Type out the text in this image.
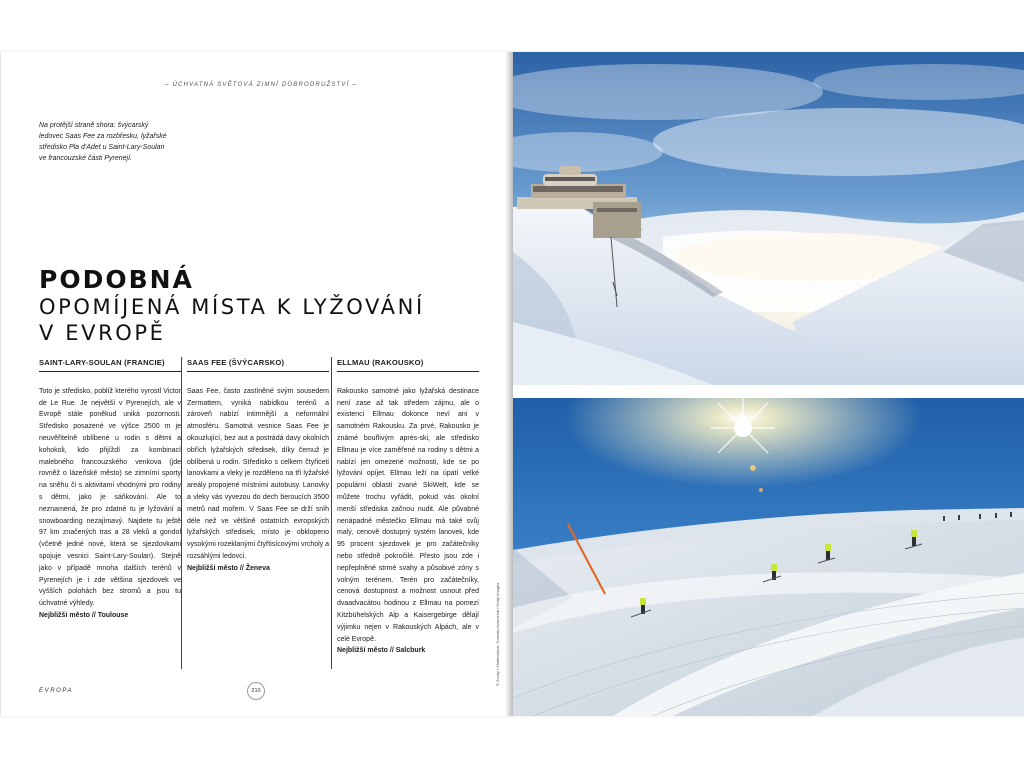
– ÚCHVATNÁ SVĚTOVÁ ZIMNÍ DOBRODRUŽSTVÍ –
Na protější straně shora: švýcarský ledovec Saas Fee za rozbřesku, lyžařské středisko Pla d'Adet u Saint-Lary-Soulan ve francouzské části Pyrenejí.
PODOBNÁ
OPOMÍJENÁ MÍSTA K LYŽOVÁNÍ
V EVROPĚ
SAINT-LARY-SOULAN (FRANCIE)

Toto je středisko, poblíž kterého vyrostl Victor de Le Rue. Je největší v Pyrenejích, ale v Evropě stále poněkud uniká pozornosti. Středisko posazené ve výšce 2500 m je neuvěřitelně oblíbené u rodin s dětmi a kohokoli, kdo přijíždí za kombinací malebného francouzského venkova (jde rovněž o lázeňské město) se zimními sporty na sněhu či s aktivitami vhodnými pro rodiny s dětmi, jako je sáňkování. Ale to neznamená, že pro zdatné tu je lyžování a snowboarding nezajímavý. Najdete tu ještě 97 km značených tras a 28 vleků a gondol (včetně jedné nové, která se sjezdovkami spojuje vesnici Saint-Lary-Soulan). Stejně jako v případě mnoha dalších terénů v Pyrenejích je i zde většina sjezdovek ve vyšších polohách bez stromů a jsou tu úchvatné výhledy.

Nejbližší město // Toulouse
SAAS FEE (ŠVÝCARSKO)

Saas Fee, často zastíněné svým sousedem Zermattem, vyniká nabídkou terénů a zároveň nabízí intimnější a neformální atmosféru. Samotná vesnice Saas Fee je okouzlující, bez aut a postrádá davy okolních obřích lyžařských středisek, díky čemuž je oblíbená u rodin. Středisko s celkem čtyřiceti lanovkami a vleky je rozděleno na tři lyžařské areály propojené místními autobusy. Lanovky a vleky vás vyvezou do dech beroucích 3500 metrů nad mořem. V Saas Fee se drží sníh déle než ve většině ostatních evropských lyžařských středisek, místo je obklopeno vysokými rozeklanými čtyřtisícovými vrcholy a rozsáhlými ledovci.

Nejbližší město // Ženeva
ELLMAU (RAKOUSKO)

Rakousko samotné jako lyžařská destinace není zase až tak středem zájmu, ale o existenci Ellmau dokonce neví ani v samotném Rakousku. Za prvé, Rakousko je známé bouřlivým après-ski, ale středisko Ellmau je více zaměřené na rodiny s dětmi a nabízí jen omezené možnosti, kde se po lyžování opíjet. Ellmau leží na úpatí velké populární oblasti zvané SkiWelt, kde se můžete trochu vyřádit, pokud vás okolní menší střediska začnou nudit. Ale půvabné nenápadné městečko Ellmau má také svůj malý, cenově dostupný systém lanovek, kde 95 procent sjezdovek je pro začátečníky nebo středně pokročilé. Přesto jsou zde i nepřeplněné strmé svahy a působivé zóny s volným terénem. Terén pro začátečníky, cenová dostupnost a možnost usnout před dvaadvacátou hodinou z Ellmau na pomezí Kitzbühelských Alp a Kaisergebirge dělají výjimku nejen v Rakouských Alpách, ale v celé Evropě.

Nejbližší město // Salcburk
EVROPA	210
© Zocky / Shutterstock; Gonzalo Azumendi / Getty Images
